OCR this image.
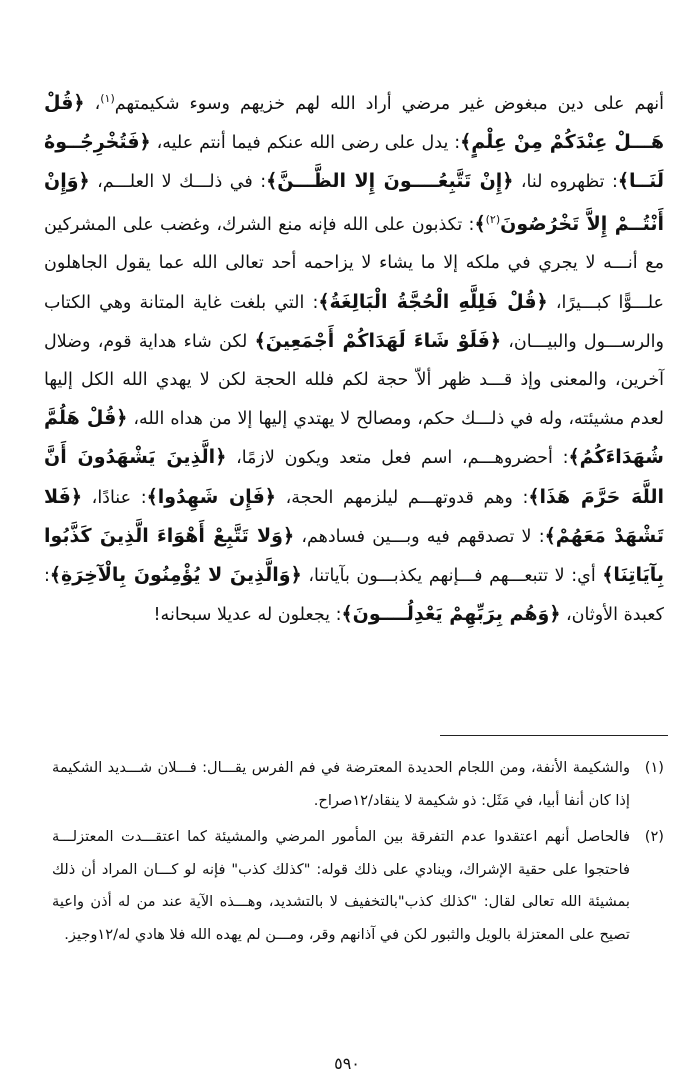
أنهم على دين مبغوض غير مرضي أراد الله لهم خزيهم وسوء شكيمتهم$^{(١)}$، ﴿قُلْ هَـــلْ عِنْدَكُمْ مِنْ عِلْمٍ﴾: يدل على رضى الله عنكم فيما أنتم عليه، ﴿فَتُخْرِجُــوهُ لَنَــا﴾: تظهروه لنا، ﴿إِنْ تَتَّبِعُــــونَ إِلا الظَّـــنَّ﴾: في ذلـــك لا العلـــم، ﴿وَإِنْ أَنْتُــمْ إِلاَّ تَخْرُصُونَ$^{(٢)}$﴾: تكذبون على الله فإنه منع الشرك، وغضب على المشركين مع أنـــه لا يجري في ملكه إلا ما يشاء لا يزاحمه أحد تعالى الله عما يقول الجاهلون علـــوًّا كبـــيرًا، ﴿قُلْ فَلِلَّهِ الْحُجَّةُ الْبَالِغَةُ﴾: التي بلغت غاية المتانة وهي الكتاب والرســـول والبيـــان، ﴿فَلَوْ شَاءَ لَهَدَاكُمْ أَجْمَعِينَ﴾ لكن شاء هداية قوم، وضلال آخرين، والمعنى وإذ قـــد ظهر ألاّ حجة لكم فلله الحجة لكن لا يهدي الله الكل إليها لعدم مشيئته، وله في ذلـــك حكم، ومصالح لا يهتدي إليها إلا من هداه الله، ﴿قُلْ هَلُمَّ شُهَدَاءَكُمُ﴾: أحضروهـــم، اسم فعل متعد ويكون لازمًا، ﴿الَّذِينَ يَشْهَدُونَ أَنَّ اللَّهَ حَرَّمَ هَذَا﴾: وهم قدوتهـــم ليلزمهم الحجة، ﴿فَإِن شَهِدُوا﴾: عنادًا، ﴿فَلا تَشْهَدْ مَعَهُمْ﴾: لا تصدقهم فيه وبـــين فسادهم، ﴿وَلا تَتَّبِعْ أَهْوَاءَ الَّذِينَ كَذَّبُوا بِآيَاتِنَا﴾ أي: لا تتبعـــهم فـــإنهم يكذبـــون بآياتنا، ﴿وَالَّذِينَ لا يُؤْمِنُونَ بِالْآخِرَةِ﴾: كعبدة الأوثان، ﴿وَهُم بِرَبِّهِمْ يَعْدِلُــــونَ﴾: يجعلون له عديلا سبحانه!

(١)
والشكيمة الأنفة، ومن اللجام الحديدة المعترضة في فم الفرس يقـــال: فـــلان شـــديد الشكيمة إذا كان أنفا أبيا، في مَثَل: ذو شكيمة لا ينقاد/١٢صراح.

(٢)
فالحاصل أنهم اعتقدوا عدم التفرقة بين المأمور المرضي والمشيئة كما اعتقـــدت المعتزلـــة فاحتجوا على حقية الإشراك، وينادي على ذلك قوله: "كذلك كذب" فإنه لو كـــان المراد أن ذلك بمشيئة الله تعالى لقال: "كذلك كذب"بالتخفيف لا بالتشديد، وهـــذه الآية عند من له أذن واعية تصيح على المعتزلة بالويل والثبور لكن في آذانهم وقر، ومـــن لم يهده الله فلا هادي له/١٢وجيز.

٥٩٠
